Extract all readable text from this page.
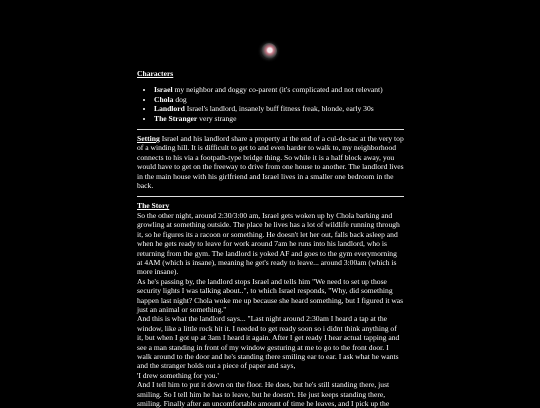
Characters
• Israel my neighbor and doggy co-parent (it's complicated and not relevant)
• Chola dog
• Landlord Israel's landlord, insanely buff fitness freak, blonde, early 30s
• The Stranger very strange

Setting Israel and his landlord share a property at the end of a cul-de-sac at the very top of a winding hill. It is difficult to get to and even harder to walk to, my neighborhood connects to his via a footpath-type bridge thing. So while it is a half block away, you would have to get on the freeway to drive from one house to another. The landlord lives in the main house with his girlfriend and Israel lives in a smaller one bedroom in the back.

The Story

So the other night, around 2:30/3:00 am, Israel gets woken up by Chola barking and growling at something outside. The place he lives has a lot of wildlife running through it, so he figures its a racoon or something. He doesn't let her out, falls back asleep and when he gets ready to leave for work around 7am he runs into his landlord, who is returning from the gym. The landlord is yoked AF and goes to the gym everymorning at 4AM (which is insane), meaning he get's ready to leave... around 3:00am (which is more insane).

As he's passing by, the landlord stops Israel and tells him "We need to set up those security lights I was talking about..", to which Israel responds, "Why, did something happen last night? Chola woke me up because she heard something, but I figured it was just an animal or something."

And this is what the landlord says... "Last night around 2:30am I heard a tap at the window, like a little rock hit it. I needed to get ready soon so i didnt think anything of it, but when I got up at 3am I heard it again. After I get ready I hear actual tapping and see a man standing in front of my window gesturing at me to go to the front door. I walk around to the door and he's standing there smiling ear to ear. I ask what he wants and the stranger holds out a piece of paper and says,

'I drew something for you.'

And I tell him to put it down on the floor. He does, but he's still standing there, just smiling. So I tell him he has to leave, but he doesn't. He just keeps standing there, smiling. Finally after an uncomfortable amount of time he leaves, and I pick up the
